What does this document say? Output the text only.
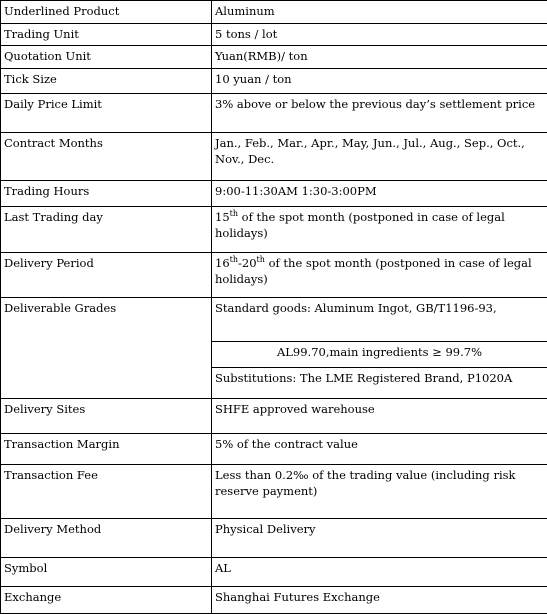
Underlined Product	Aluminum
Trading Unit	5 tons / lot
Quotation Unit	Yuan(RMB)/ ton
Tick Size	10 yuan / ton
Daily Price Limit	3% above or below the previous day’s settlement price
Contract Months	Jan., Feb., Mar., Apr., May, Jun., Jul., Aug., Sep., Oct., Nov., Dec.
Trading Hours	9:00-11:30AM 1:30-3:00PM
Last Trading day	15th of the spot month (postponed in case of legal holidays)
Delivery Period	16th-20th of the spot month (postponed in case of legal holidays)
Deliverable Grades	Standard goods: Aluminum Ingot, GB/T1196-93,
	AL99.70,main ingredients ≥ 99.7%
	Substitutions: The LME Registered Brand, P1020A
Delivery Sites	SHFE approved warehouse
Transaction Margin	5% of the contract value
Transaction Fee	Less than 0.2‰ of the trading value (including risk reserve payment)
Delivery Method	Physical Delivery
Symbol	AL
Exchange	Shanghai Futures Exchange
